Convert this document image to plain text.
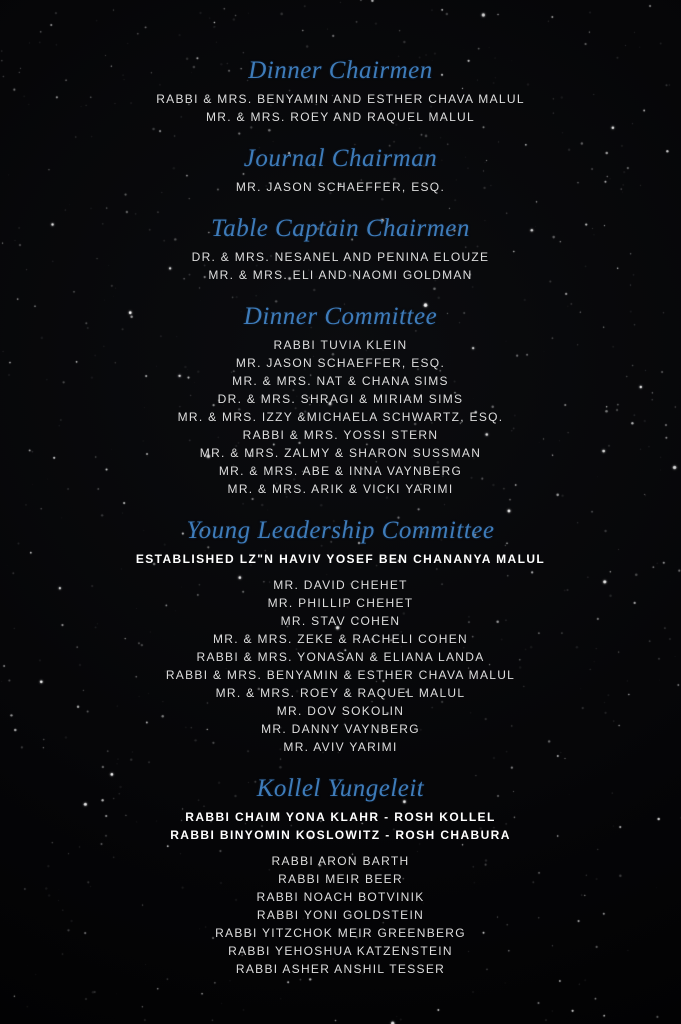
Dinner Chairmen
RABBI & MRS. BENYAMIN AND ESTHER CHAVA MALUL
MR. & MRS. ROEY AND RAQUEL MALUL
Journal Chairman
MR. JASON SCHAEFFER, ESQ.
Table Captain Chairmen
DR. & MRS. NESANEL AND PENINA ELOUZE
MR. & MRS. ELI AND NAOMI GOLDMAN
Dinner Committee
RABBI TUVIA KLEIN
MR. JASON SCHAEFFER, ESQ.
MR. & MRS. NAT & CHANA SIMS
DR. & MRS. SHRAGI & MIRIAM SIMS
MR. & MRS. IZZY &MICHAELA SCHWARTZ, ESQ.
RABBI & MRS. YOSSI STERN
MR. & MRS. ZALMY & SHARON SUSSMAN
MR. & MRS. ABE & INNA VAYNBERG
MR. & MRS. ARIK & VICKI YARIMI
Young Leadership Committee
ESTABLISHED LZ"N HAVIV YOSEF BEN CHANANYA MALUL
MR. DAVID CHEHET
MR. PHILLIP CHEHET
MR. STAV COHEN
MR. & MRS. ZEKE & RACHELI COHEN
RABBI & MRS. YONASAN & ELIANA LANDA
RABBI & MRS. BENYAMIN & ESTHER CHAVA MALUL
MR. & MRS. ROEY & RAQUEL MALUL
MR. DOV SOKOLIN
MR. DANNY VAYNBERG
MR. AVIV YARIMI
Kollel Yungeleit
RABBI CHAIM YONA KLAHR - ROSH KOLLEL
RABBI BINYOMIN KOSLOWITZ - ROSH CHABURA
RABBI ARON BARTH
RABBI MEIR BEER
RABBI NOACH BOTVINIK
RABBI YONI GOLDSTEIN
RABBI YITZCHOK MEIR GREENBERG
RABBI YEHOSHUA KATZENSTEIN
RABBI ASHER ANSHIL TESSER
